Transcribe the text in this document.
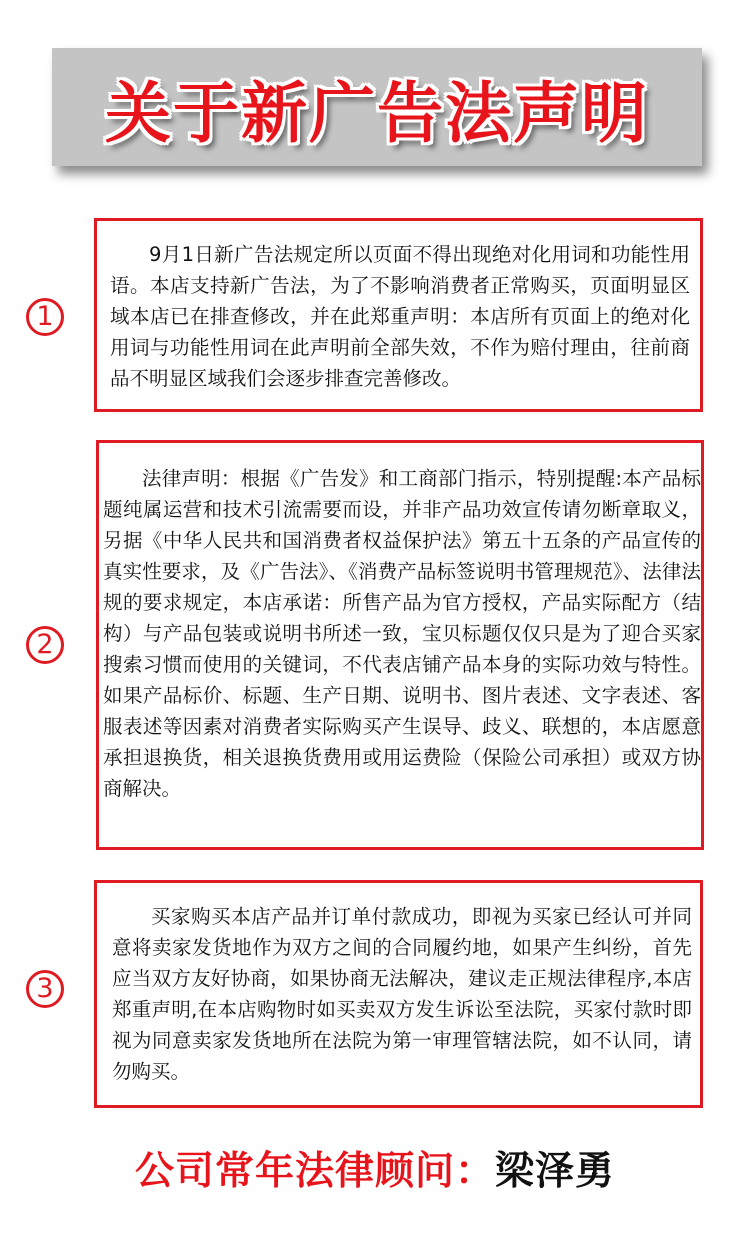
关于新广告法声明
1

9月1日新广告法规定所以页面不得出现绝对化用词和功能性用语。本店支持新广告法，为了不影响消费者正常购买，页面明显区域本店已在排查修改，并在此郑重声明：本店所有页面上的绝对化用词与功能性用词在此声明前全部失效，不作为赔付理由，往前商品不明显区域我们会逐步排查完善修改。

2

法律声明：根据《广告发》和工商部门指示，特别提醒:本产品标题纯属运营和技术引流需要而设，并非产品功效宣传请勿断章取义，另据《中华人民共和国消费者权益保护法》第五十五条的产品宣传的真实性要求，及《广告法》、《消费产品标签说明书管理规范》、法律法规的要求规定，本店承诺：所售产品为官方授权，产品实际配方（结构）与产品包装或说明书所述一致，宝贝标题仅仅只是为了迎合买家搜索习惯而使用的关键词，不代表店铺产品本身的实际功效与特性。如果产品标价、标题、生产日期、说明书、图片表述、文字表述、客服表述等因素对消费者实际购买产生误导、歧义、联想的，本店愿意承担退换货，相关退换货费用或用运费险（保险公司承担）或双方协商解决。

3

买家购买本店产品并订单付款成功，即视为买家已经认可并同意将卖家发货地作为双方之间的合同履约地，如果产生纠纷，首先应当双方友好协商，如果协商无法解决，建议走正规法律程序,本店郑重声明,在本店购物时如买卖双方发生诉讼至法院，买家付款时即视为同意卖家发货地所在法院为第一审理管辖法院，如不认同，请勿购买。

公司常年法律顾问：梁泽勇
